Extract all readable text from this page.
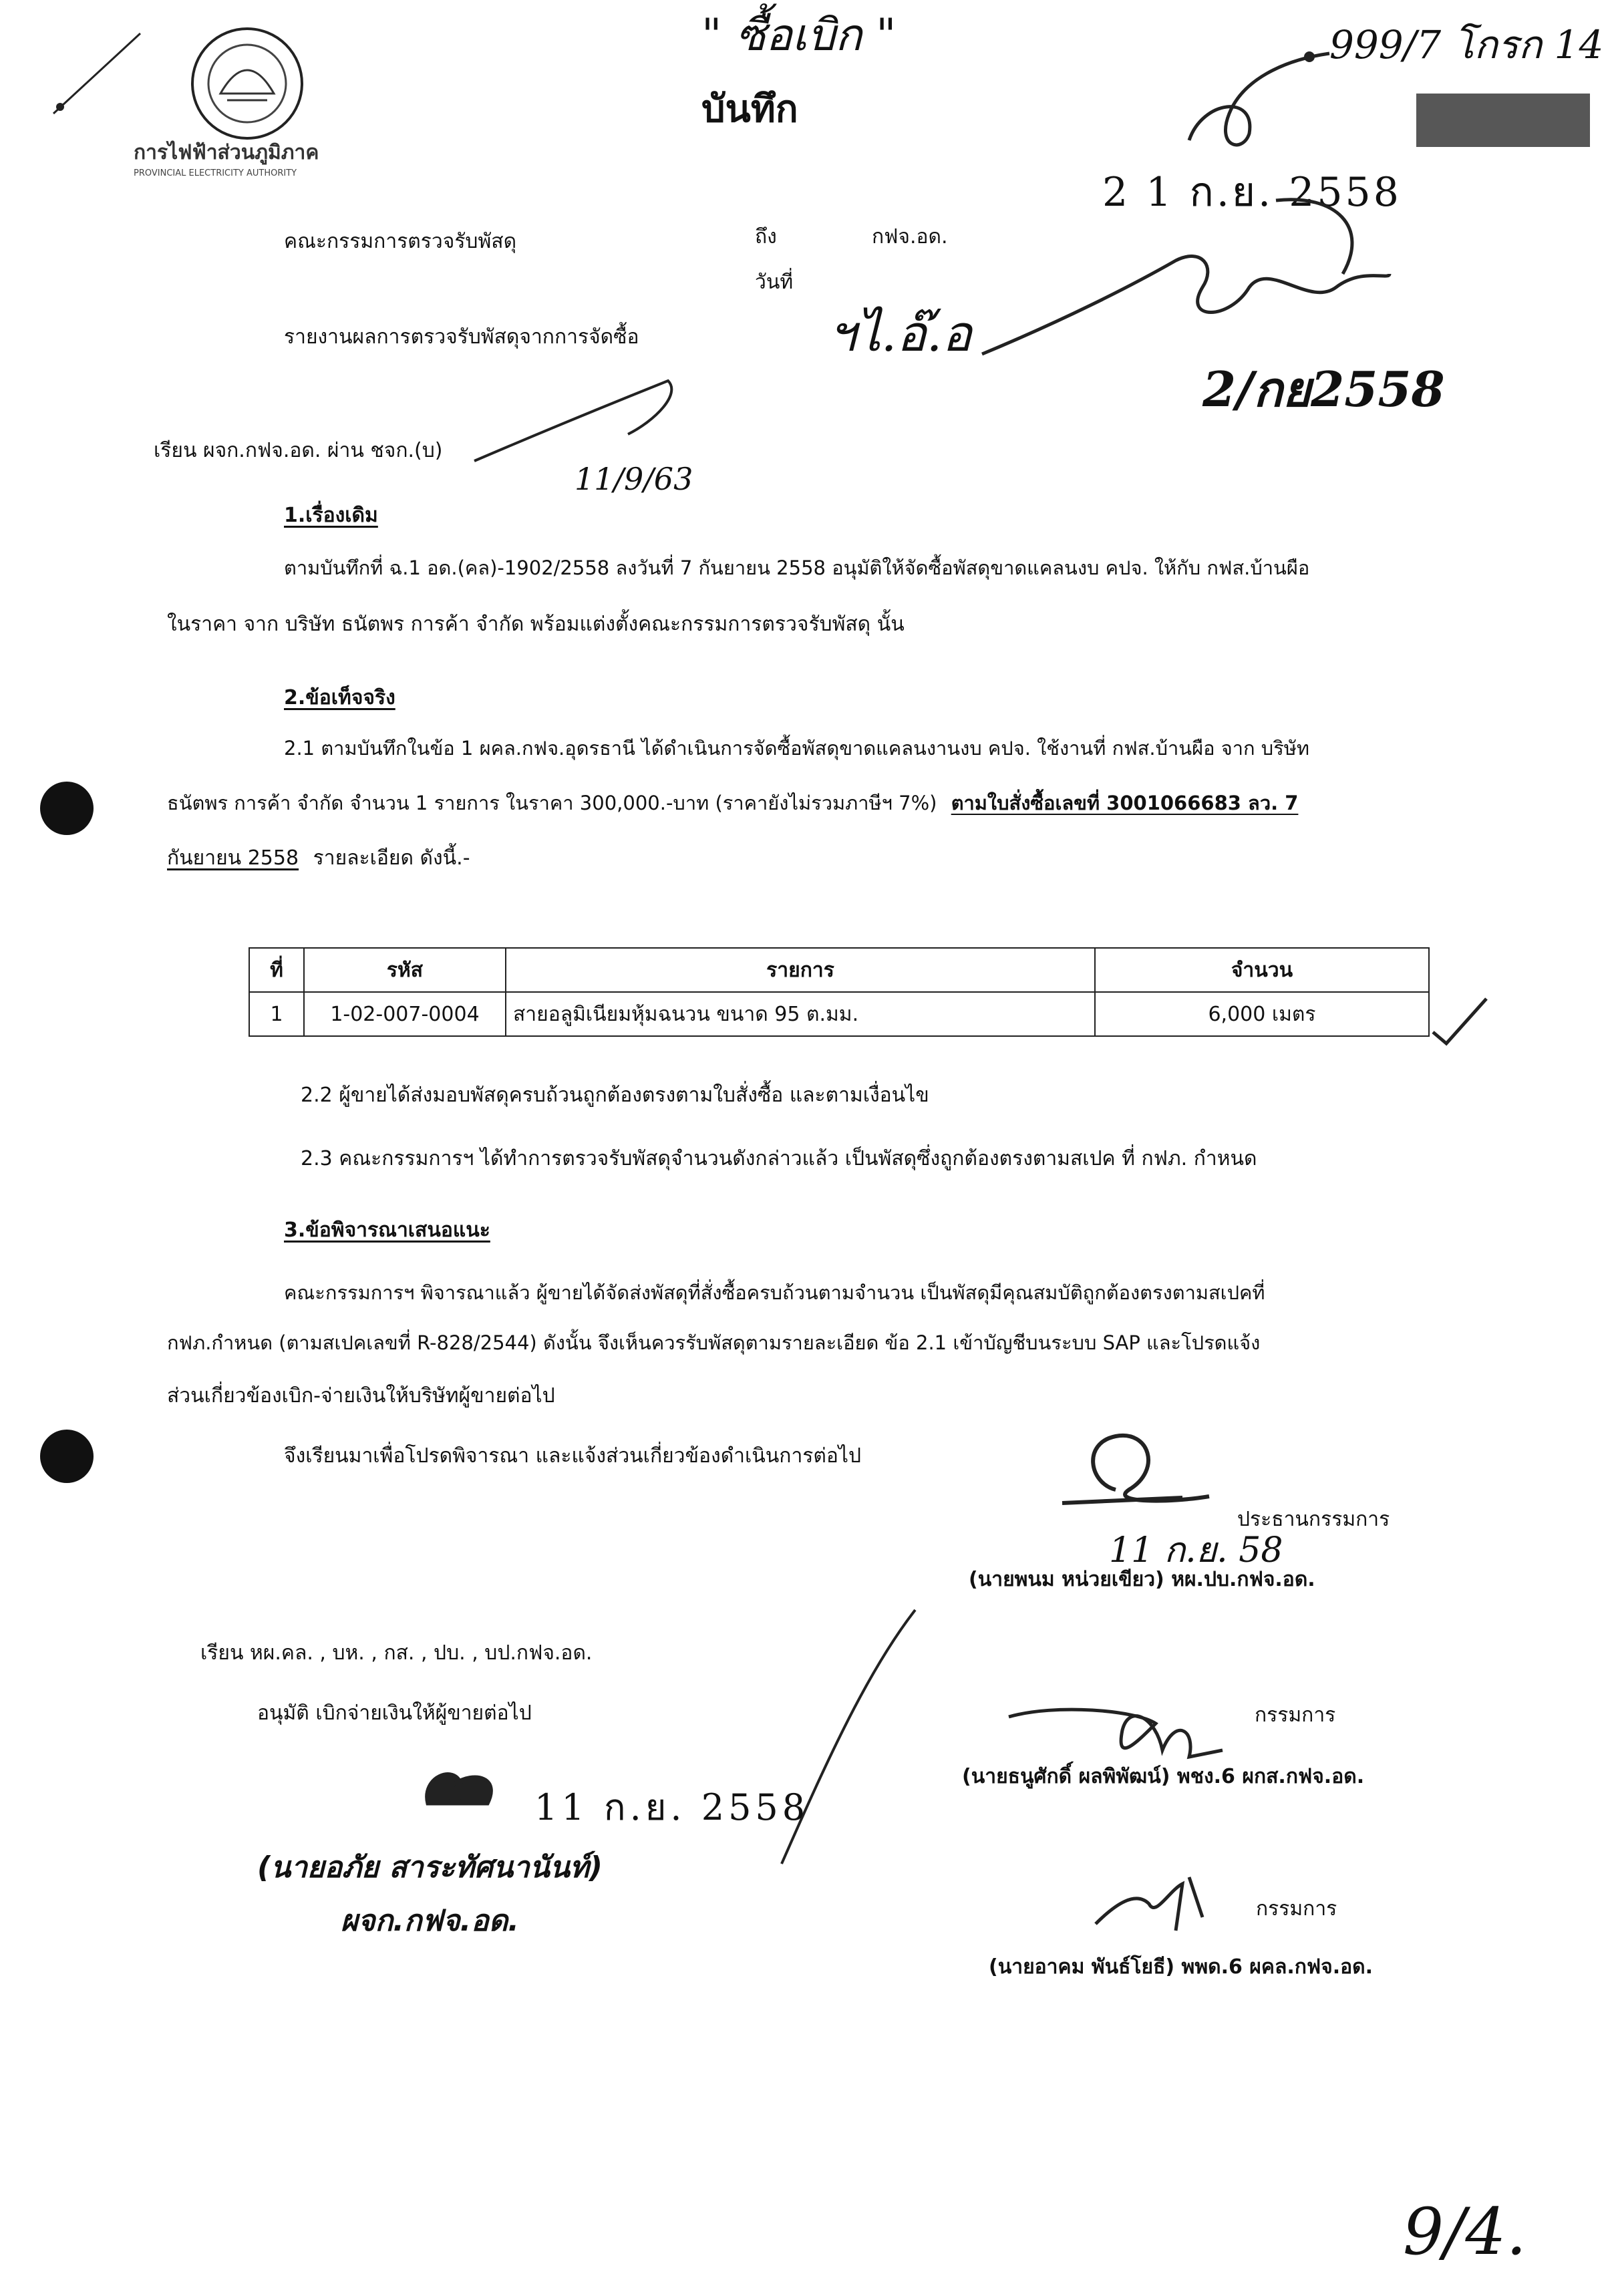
การไฟฟ้าส่วนภูมิภาค
PROVINCIAL ELECTRICITY AUTHORITY
" ซื้อเบิก "	999/7 โกรก 14
บันทึก
2 1 ก.ย. 2558
คณะกรรมการตรวจรับพัสดุ	ถึง	กฟจ.อด.
วันที่
รายงานผลการตรวจรับพัสดุจากการจัดซื้อ	ฯไ.อ๊.อ
2/กย2558
เรียน ผจก.กฟจ.อด. ผ่าน ชจก.(บ)
11/9/63
1.เรื่องเดิม
ตามบันทึกที่ ฉ.1 อด.(คล)-1902/2558 ลงวันที่ 7 กันยายน 2558 อนุมัติให้จัดซื้อพัสดุขาดแคลนงบ คปจ. ให้กับ กฟส.บ้านผือ
ในราคา จาก บริษัท ธนัตพร การค้า จำกัด พร้อมแต่งตั้งคณะกรรมการตรวจรับพัสดุ นั้น
2.ข้อเท็จจริง
2.1 ตามบันทึกในข้อ 1 ผคล.กฟจ.อุดรธานี ได้ดำเนินการจัดซื้อพัสดุขาดแคลนงานงบ คปจ. ใช้งานที่ กฟส.บ้านผือ จาก บริษัท
ธนัตพร การค้า จำกัด จำนวน 1 รายการ ในราคา 300,000.-บาท (ราคายังไม่รวมภาษีฯ 7%) ตามใบสั่งซื้อเลขที่ 3001066683 ลว. 7
กันยายน 2558 รายละเอียด ดังนี้.-
ที่	รหัส	รายการ	จำนวน
1	1-02-007-0004	สายอลูมิเนียมหุ้มฉนวน ขนาด 95 ต.มม.	6,000 เมตร
2.2 ผู้ขายได้ส่งมอบพัสดุครบถ้วนถูกต้องตรงตามใบสั่งซื้อ และตามเงื่อนไข
2.3 คณะกรรมการฯ ได้ทำการตรวจรับพัสดุจำนวนดังกล่าวแล้ว เป็นพัสดุซึ่งถูกต้องตรงตามสเปค ที่ กฟภ. กำหนด
3.ข้อพิจารณาเสนอแนะ
คณะกรรมการฯ พิจารณาแล้ว ผู้ขายได้จัดส่งพัสดุที่สั่งซื้อครบถ้วนตามจำนวน เป็นพัสดุมีคุณสมบัติถูกต้องตรงตามสเปคที่
กฟภ.กำหนด (ตามสเปคเลขที่ R-828/2544) ดังนั้น จึงเห็นควรรับพัสดุตามรายละเอียด ข้อ 2.1 เข้าบัญชีบนระบบ SAP และโปรดแจ้ง
ส่วนเกี่ยวข้องเบิก-จ่ายเงินให้บริษัทผู้ขายต่อไป
จึงเรียนมาเพื่อโปรดพิจารณา และแจ้งส่วนเกี่ยวข้องดำเนินการต่อไป
ประธานกรรมการ
11 ก.ย. 58
(นายพนม หน่วยเขียว) หผ.ปบ.กฟจ.อด.
เรียน หผ.คล. , บห. , กส. , ปบ. , บป.กฟจ.อด.
อนุมัติ เบิกจ่ายเงินให้ผู้ขายต่อไป
11 ก.ย. 2558
(นายอภัย สาระทัศนานันท์)
ผจก.กฟจ.อด.
กรรมการ
(นายธนูศักดิ์ ผลพิพัฒน์) พชง.6 ผกส.กฟจ.อด.
กรรมการ
(นายอาคม พันธ์โยธี) พพด.6 ผคล.กฟจ.อด.
9/4.
